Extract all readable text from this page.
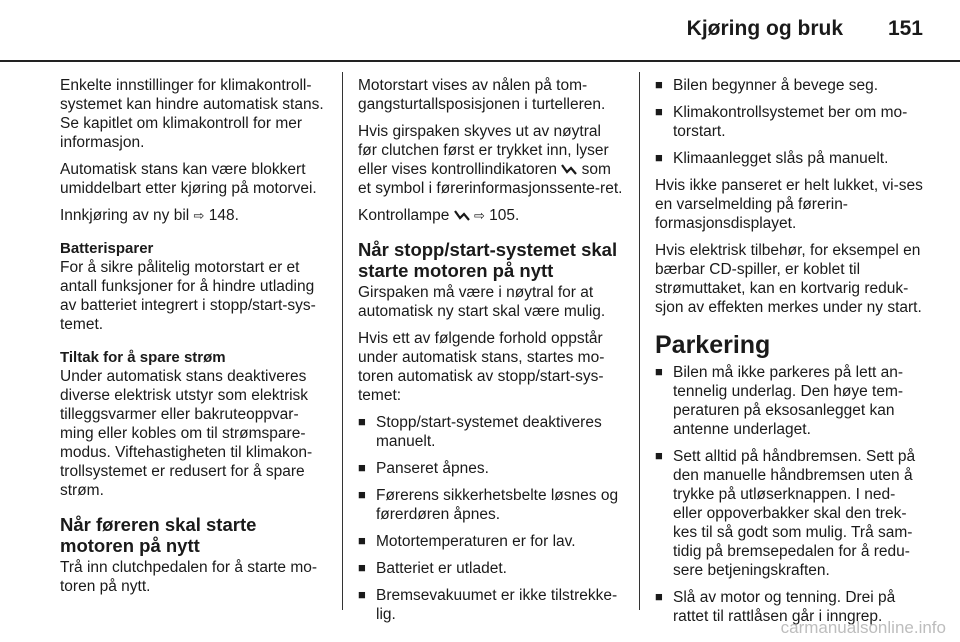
Kjøring og bruk 151

Enkelte innstillinger for klimakontroll-systemet kan hindre automatisk stans. Se kapitlet om klimakontroll for mer informasjon.

Automatisk stans kan være blokkert umiddelbart etter kjøring på motorvei.

Innkjøring av ny bil ⇨ 148.

Batterisparer

For å sikre pålitelig motorstart er et antall funksjoner for å hindre utlading av batteriet integrert i stopp/start-sys-temet.

Tiltak for å spare strøm

Under automatisk stans deaktiveres diverse elektrisk utstyr som elektrisk tilleggsvarmer eller bakruteoppvar-ming eller kobles om til strømspare-modus. Viftehastigheten til klimakon-trollsystemet er redusert for å spare strøm.

Når føreren skal starte motoren på nytt

Trå inn clutchpedalen for å starte mo-toren på nytt.

Motorstart vises av nålen på tom-gangsturtallsposisjonen i turtelleren.

Hvis girspaken skyves ut av nøytral før clutchen først er trykket inn, lyser eller vises kontrollindikatoren  som et symbol i førerinformasjonssente-ret.

Kontrollampe  ⇨ 105.

Når stopp/start-systemet skal starte motoren på nytt

Girspaken må være i nøytral for at automatisk ny start skal være mulig.

Hvis ett av følgende forhold oppstår under automatisk stans, startes mo-toren automatisk av stopp/start-sys-temet:

■ Stopp/start-systemet deaktiveres manuelt.
■ Panseret åpnes.
■ Førerens sikkerhetsbelte løsnes og førerdøren åpnes.
■ Motortemperaturen er for lav.
■ Batteriet er utladet.
■ Bremsevakuumet er ikke tilstrekke-lig.
■ Bilen begynner å bevege seg.
■ Klimakontrollsystemet ber om mo-torstart.
■ Klimaanlegget slås på manuelt.

Hvis ikke panseret er helt lukket, vi-ses en varselmelding på førerin-formasjonsdisplayet.

Hvis elektrisk tilbehør, for eksempel en bærbar CD-spiller, er koblet til strømuttaket, kan en kortvarig reduk-sjon av effekten merkes under ny start.

Parkering
■ Bilen må ikke parkeres på lett an-tennelig underlag. Den høye tem-peraturen på eksosanlegget kan antenne underlaget.
■ Sett alltid på håndbremsen. Sett på den manuelle håndbremsen uten å trykke på utløserknappen. I ned-eller oppoverbakker skal den trek-kes til så godt som mulig. Trå sam-tidig på bremsepedalen for å redu-sere betjeningskraften.
■ Slå av motor og tenning. Drei på rattet til rattlåsen går i inngrep.
carmanualsonline.info
